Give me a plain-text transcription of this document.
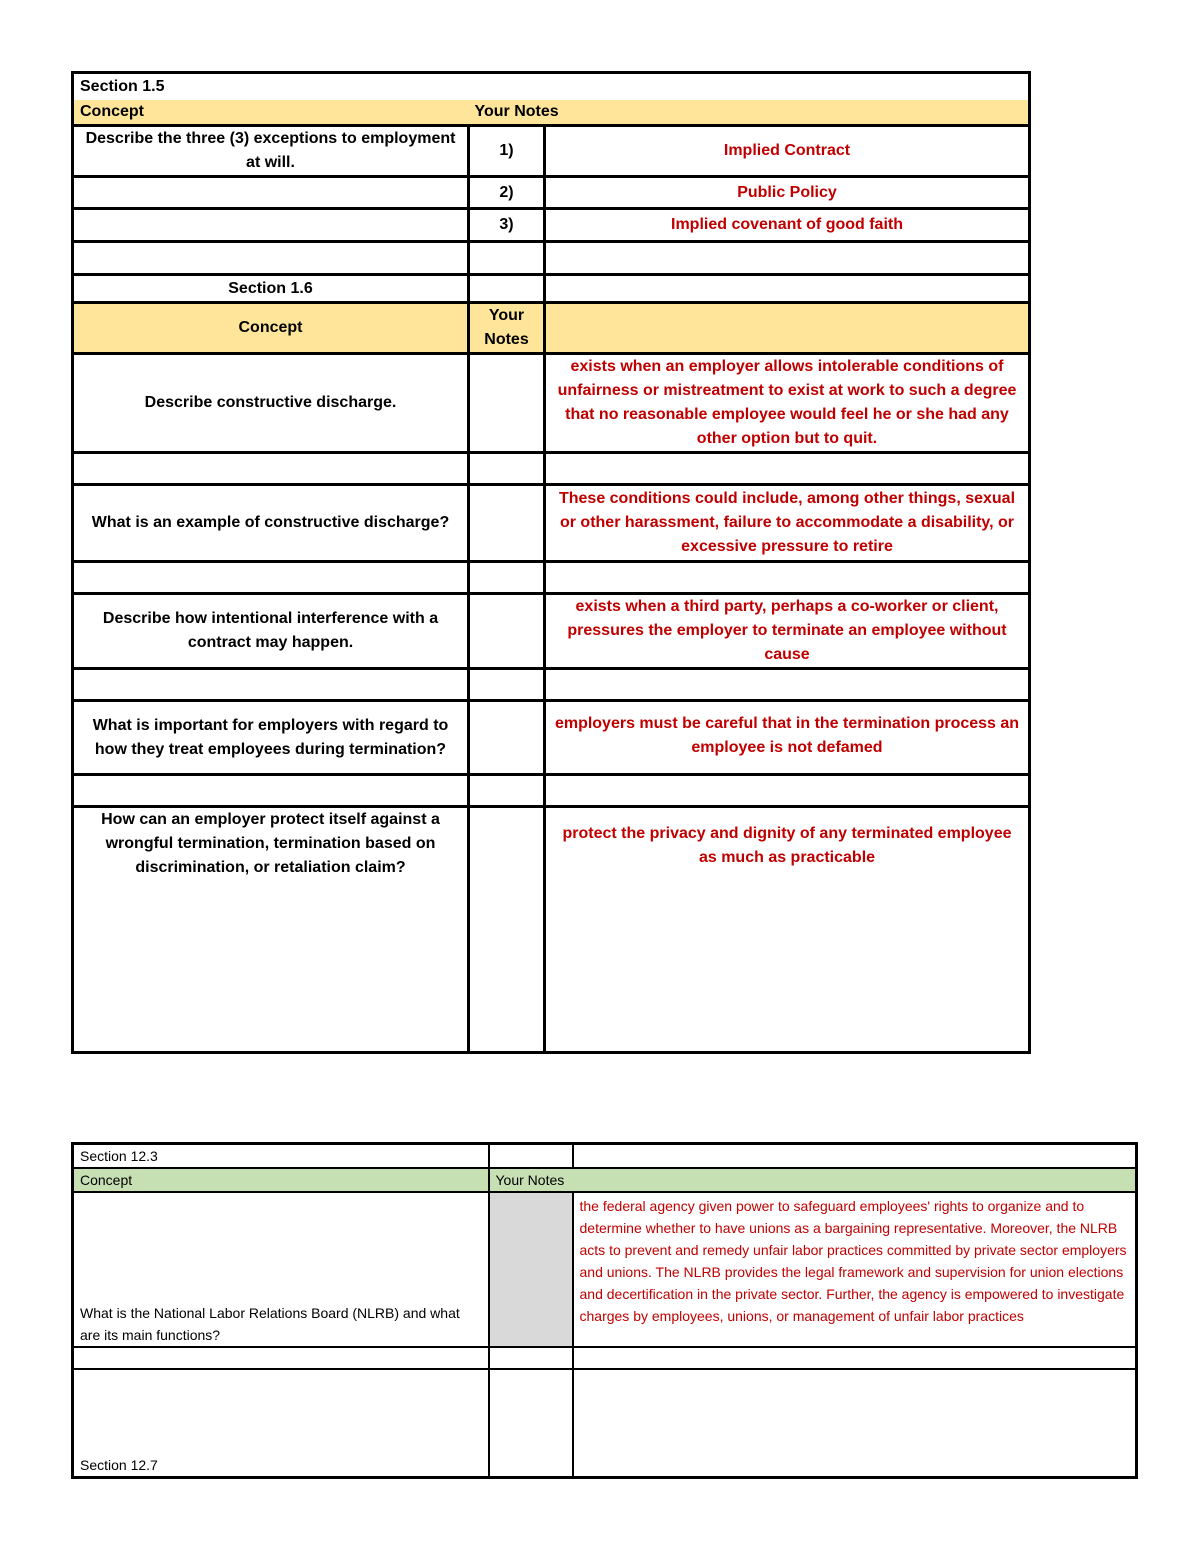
Section 1.5		
Concept	Your Notes	
Describe the three (3) exceptions to employment at will.	1)	Implied Contract
	2)	Public Policy
	3)	Implied covenant of good faith

Section 1.6		
Concept	Your Notes	
Describe constructive discharge.		exists when an employer allows intolerable conditions of unfairness or mistreatment to exist at work to such a degree that no reasonable employee would feel he or she had any other option but to quit.

What is an example of constructive discharge?		These conditions could include, among other things, sexual or other harassment, failure to accommodate a disability, or excessive pressure to retire

Describe how intentional interference with a contract may happen.		exists when a third party, perhaps a co-worker or client, pressures the employer to terminate an employee without cause

What is important for employers with regard to how they treat employees during termination?		employers must be careful that in the termination process an employee is not defamed

How can an employer protect itself against a wrongful termination, termination based on discrimination, or retaliation claim?		protect the privacy and dignity of any terminated employee as much as practicable
Section 12.3		
Concept	Your Notes	
What is the National Labor Relations Board (NLRB) and what are its main functions?		the federal agency given power to safeguard employees' rights to organize and to determine whether to have unions as a bargaining representative. Moreover, the NLRB acts to prevent and remedy unfair labor practices committed by private sector employers and unions. The NLRB provides the legal framework and supervision for union elections and decertification in the private sector. Further, the agency is empowered to investigate charges by employees, unions, or management of unfair labor practices

Section 12.7		
